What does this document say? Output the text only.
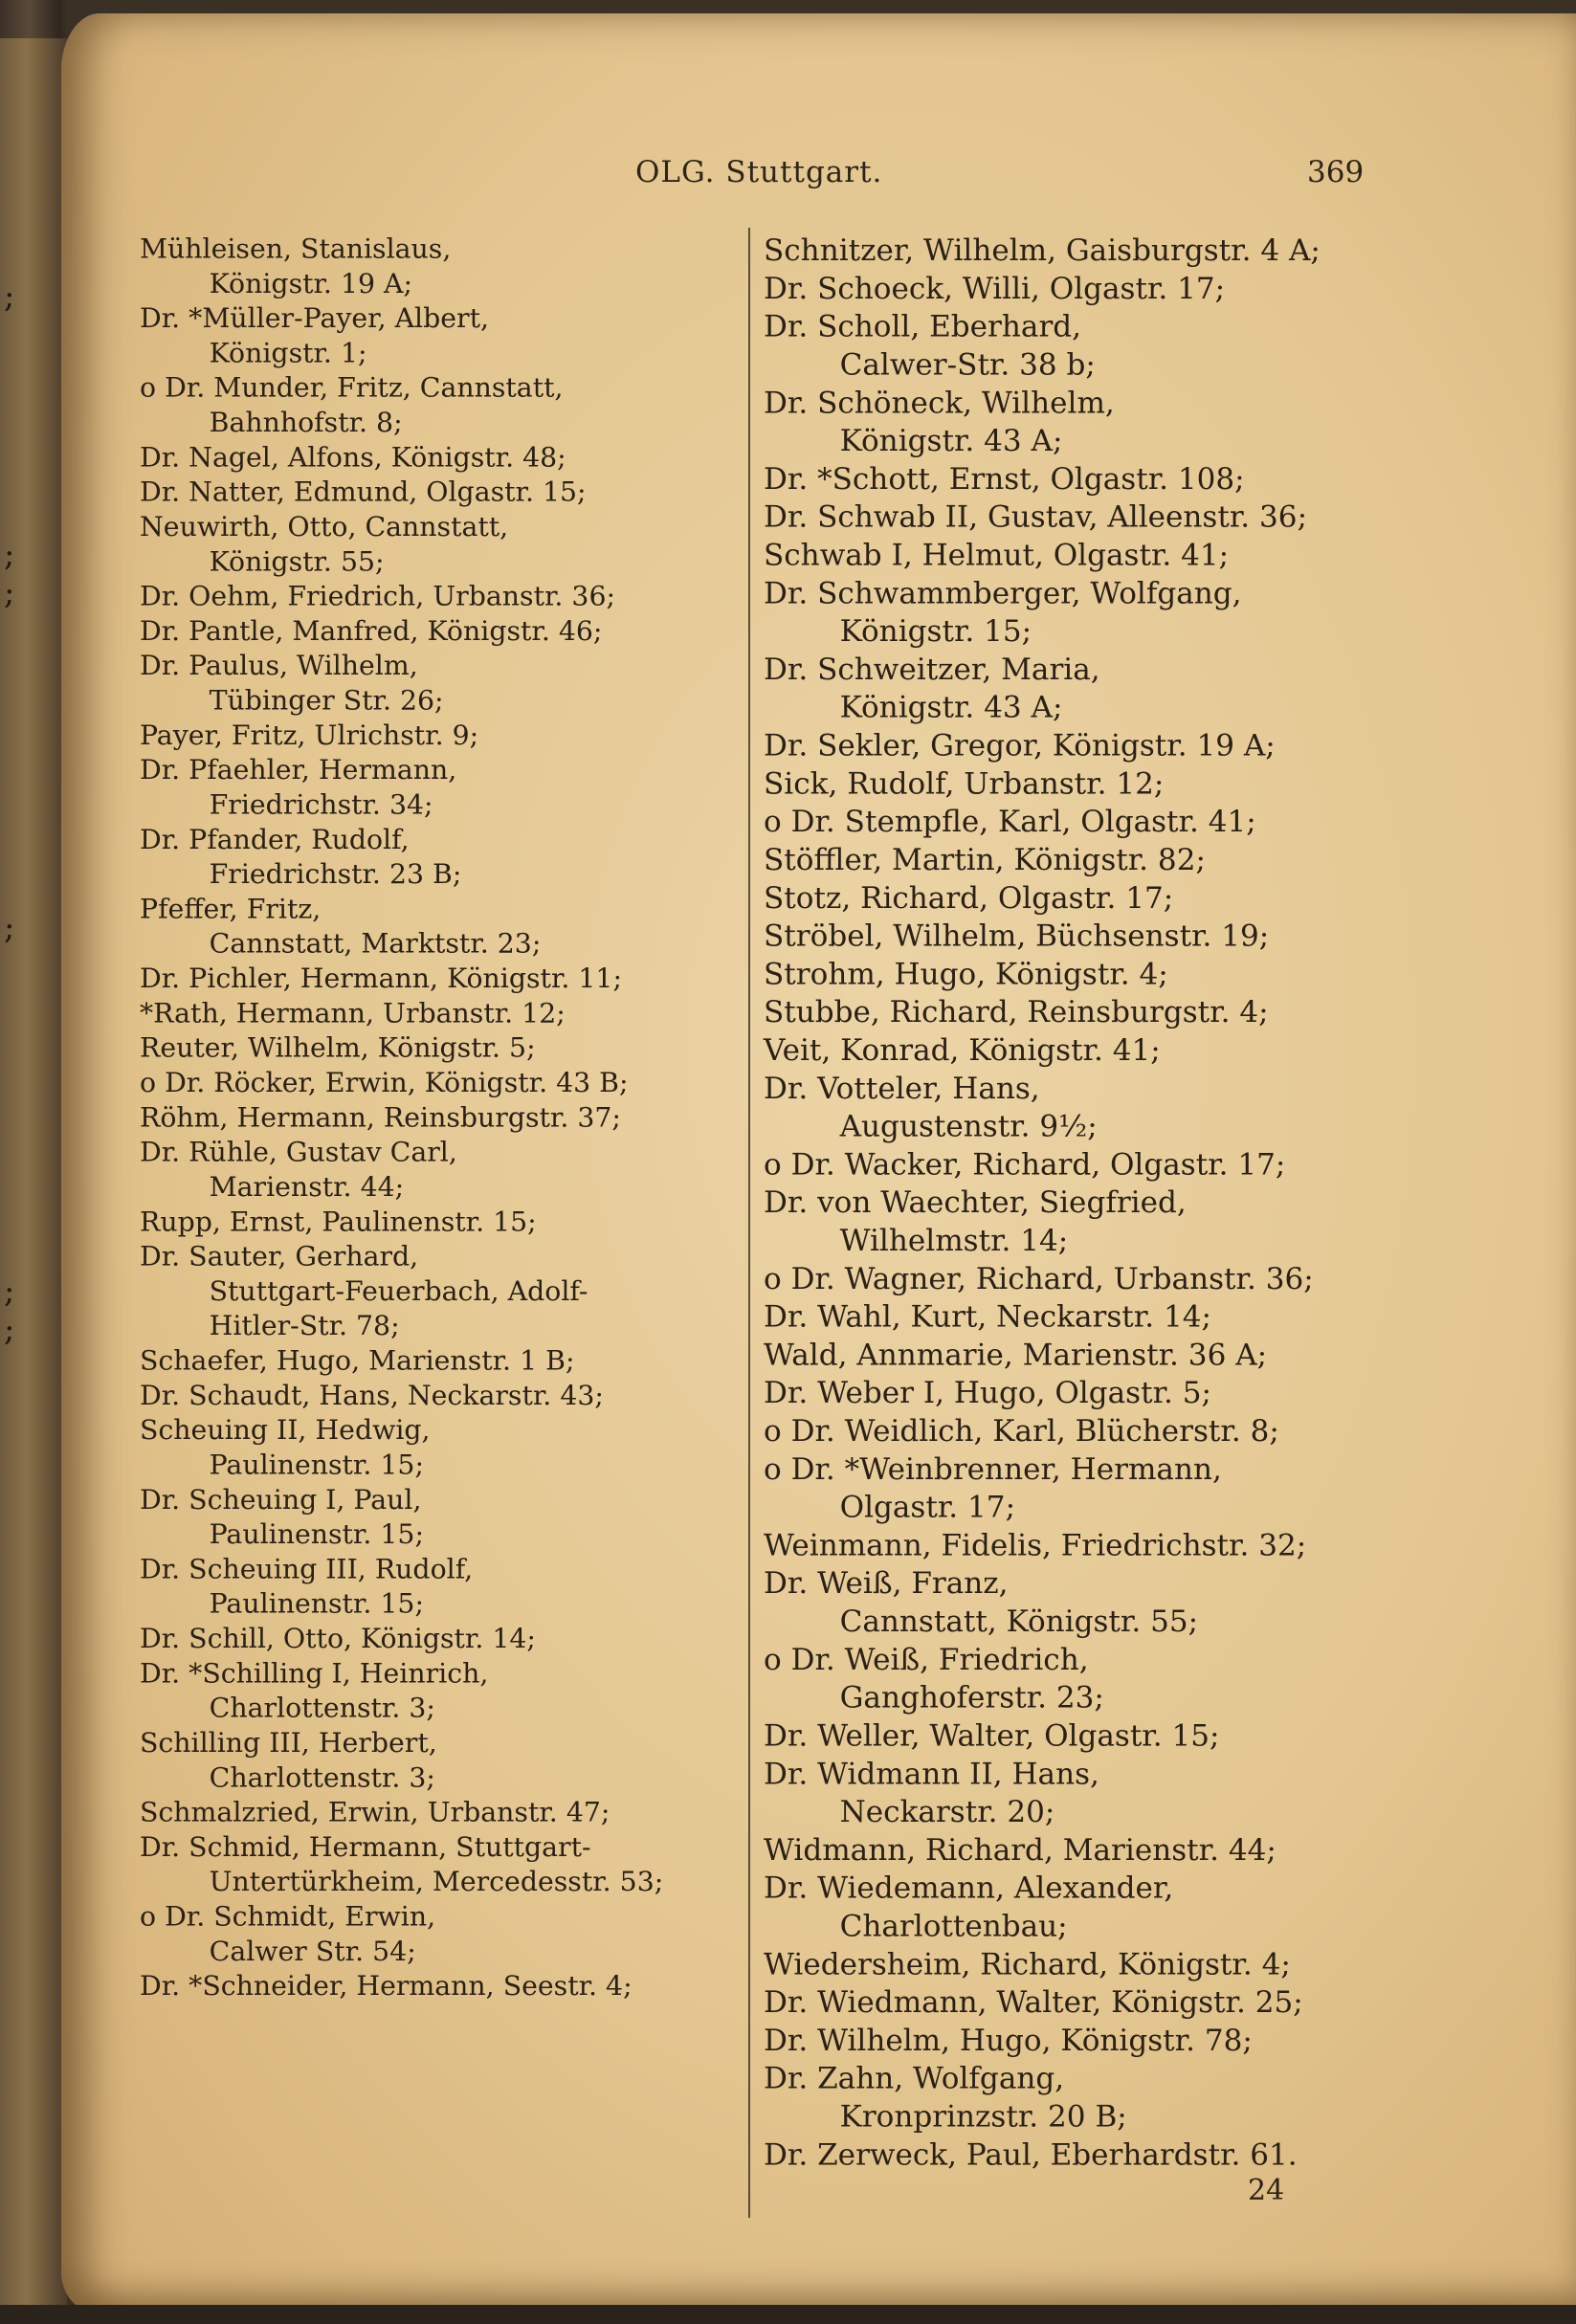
;
;
;
;
;
;
OLG. Stuttgart.	369
Mühleisen, Stanislaus,
Königstr. 19 A;
Dr. *Müller-Payer, Albert,
Königstr. 1;
o Dr. Munder, Fritz, Cannstatt,
Bahnhofstr. 8;
Dr. Nagel, Alfons, Königstr. 48;
Dr. Natter, Edmund, Olgastr. 15;
Neuwirth, Otto, Cannstatt,
Königstr. 55;
Dr. Oehm, Friedrich, Urbanstr. 36;
Dr. Pantle, Manfred, Königstr. 46;
Dr. Paulus, Wilhelm,
Tübinger Str. 26;
Payer, Fritz, Ulrichstr. 9;
Dr. Pfaehler, Hermann,
Friedrichstr. 34;
Dr. Pfander, Rudolf,
Friedrichstr. 23 B;
Pfeffer, Fritz,
Cannstatt, Marktstr. 23;
Dr. Pichler, Hermann, Königstr. 11;
*Rath, Hermann, Urbanstr. 12;
Reuter, Wilhelm, Königstr. 5;
o Dr. Röcker, Erwin, Königstr. 43 B;
Röhm, Hermann, Reinsburgstr. 37;
Dr. Rühle, Gustav Carl,
Marienstr. 44;
Rupp, Ernst, Paulinenstr. 15;
Dr. Sauter, Gerhard,
Stuttgart-Feuerbach, Adolf-
Hitler-Str. 78;
Schaefer, Hugo, Marienstr. 1 B;
Dr. Schaudt, Hans, Neckarstr. 43;
Scheuing II, Hedwig,
Paulinenstr. 15;
Dr. Scheuing I, Paul,
Paulinenstr. 15;
Dr. Scheuing III, Rudolf,
Paulinenstr. 15;
Dr. Schill, Otto, Königstr. 14;
Dr. *Schilling I, Heinrich,
Charlottenstr. 3;
Schilling III, Herbert,
Charlottenstr. 3;
Schmalzried, Erwin, Urbanstr. 47;
Dr. Schmid, Hermann, Stuttgart-
Untertürkheim, Mercedesstr. 53;
o Dr. Schmidt, Erwin,
Calwer Str. 54;
Dr. *Schneider, Hermann, Seestr. 4;
Schnitzer, Wilhelm, Gaisburgstr. 4 A;
Dr. Schoeck, Willi, Olgastr. 17;
Dr. Scholl, Eberhard,
Calwer-Str. 38 b;
Dr. Schöneck, Wilhelm,
Königstr. 43 A;
Dr. *Schott, Ernst, Olgastr. 108;
Dr. Schwab II, Gustav, Alleenstr. 36;
Schwab I, Helmut, Olgastr. 41;
Dr. Schwammberger, Wolfgang,
Königstr. 15;
Dr. Schweitzer, Maria,
Königstr. 43 A;
Dr. Sekler, Gregor, Königstr. 19 A;
Sick, Rudolf, Urbanstr. 12;
o Dr. Stempfle, Karl, Olgastr. 41;
Stöffler, Martin, Königstr. 82;
Stotz, Richard, Olgastr. 17;
Ströbel, Wilhelm, Büchsenstr. 19;
Strohm, Hugo, Königstr. 4;
Stubbe, Richard, Reinsburgstr. 4;
Veit, Konrad, Königstr. 41;
Dr. Votteler, Hans,
Augustenstr. 9½;
o Dr. Wacker, Richard, Olgastr. 17;
Dr. von Waechter, Siegfried,
Wilhelmstr. 14;
o Dr. Wagner, Richard, Urbanstr. 36;
Dr. Wahl, Kurt, Neckarstr. 14;
Wald, Annmarie, Marienstr. 36 A;
Dr. Weber I, Hugo, Olgastr. 5;
o Dr. Weidlich, Karl, Blücherstr. 8;
o Dr. *Weinbrenner, Hermann,
Olgastr. 17;
Weinmann, Fidelis, Friedrichstr. 32;
Dr. Weiß, Franz,
Cannstatt, Königstr. 55;
o Dr. Weiß, Friedrich,
Ganghoferstr. 23;
Dr. Weller, Walter, Olgastr. 15;
Dr. Widmann II, Hans,
Neckarstr. 20;
Widmann, Richard, Marienstr. 44;
Dr. Wiedemann, Alexander,
Charlottenbau;
Wiedersheim, Richard, Königstr. 4;
Dr. Wiedmann, Walter, Königstr. 25;
Dr. Wilhelm, Hugo, Königstr. 78;
Dr. Zahn, Wolfgang,
Kronprinzstr. 20 B;
Dr. Zerweck, Paul, Eberhardstr. 61.
24
